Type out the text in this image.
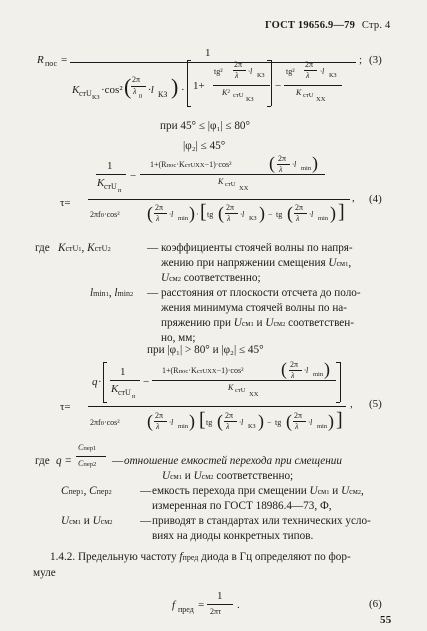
ГОСТ 19656.9—79 Стр. 4
R пос =
1
K стU КЗ
·cos² ( 2π
λ
0
·l КЗ ) · 1+
tg²
2π
λ ·l КЗ
K² стU
КЗ
−
tg²
2π
λ ·l КЗ
K стU
XX
; (3)
при 45° ≤ |φ₁| ≤ 80°
|φ₂| ≤ 45°
τ=
1
K стU п
−
1+(Rпос·KстUXX−1)·cos² ( 2π
λ
·l min )
K стU
XX
2πf0·cos² ( 2π
λ ·l min ) · [ tg ( 2π
λ ·l КЗ ) − tg ( 2π
λ ·l min ) ]
, (4)
где KстU1, KстU2	— коэффициенты стоячей волны по напря-
жению при напряжении смещения Uсм1,
Uсм2 соответственно;
lmin1, lmin2 — расстояния от плоскости отсчета до поло-
жения минимума стоячей волны по на-
пряжению при Uсм1 и Uсм2 соответствен-
но, мм;
при |φ₁| > 80° и |φ₂| ≤ 45°
τ=
q ·
1
K стU п
−
1+(Rпос·KстUXX−1)·cos² ( 2π
λ
·l min )
K стU
XX
2πf0·cos² ( 2π
λ ·l min ) [ tg ( 2π
λ ·l КЗ ) − tg ( 2π
λ ·l min ) ]
, (5)
где q =
Cпер1
Cпер2 — отношение емкостей перехода при смещении
Uсм1 и Uсм2 соответственно;
Cпер1, Cпер2	— емкость перехода при смещении Uсм1 и Uсм2,
измеренная по ГОСТ 18986.4—73, Ф,
Uсм1 и Uсм2 — приводят в стандартах или технических усло-
виях на диоды конкретных типов.
1.4.2. Предельную частоту fпред диода в Гц определяют по фор-
муле
f пред =
1
2πτ
.	(6)
55
